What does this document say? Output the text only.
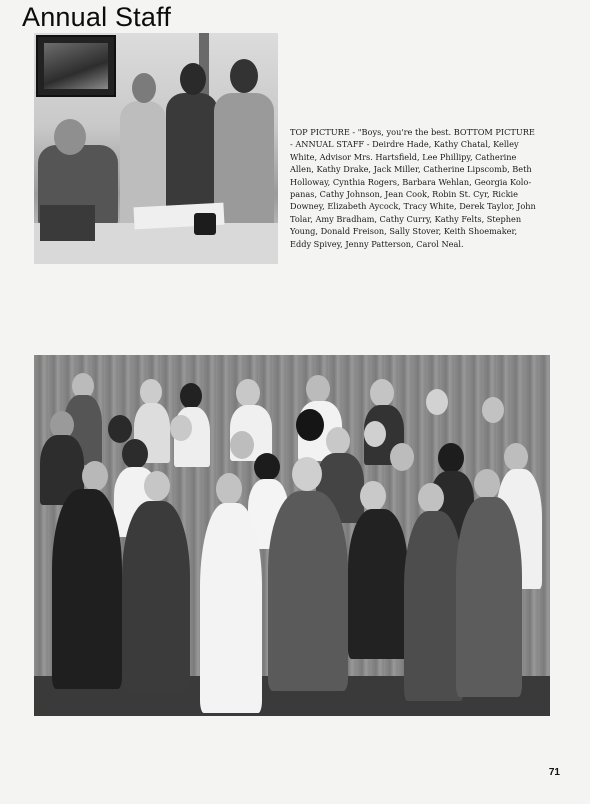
Annual Staff

TOP PICTURE - "Boys, you're the best. BOTTOM PICTURE - ANNUAL STAFF - Deirdre Hade, Kathy Chatal, Kelley White, Advisor Mrs. Hartsfield, Lee Phillipy, Catherine Allen, Kathy Drake, Jack Miller, Catherine Lipscomb, Beth Holloway, Cynthia Rogers, Barbara Wehlan, Georgia Kolo-panas, Cathy Johnson, Jean Cook, Robin St. Cyr, Rickie Downey, Elizabeth Aycock, Tracy White, Derek Taylor, John Tolar, Amy Bradham, Cathy Curry, Kathy Felts, Stephen Young, Donald Freison, Sally Stover, Keith Shoemaker, Eddy Spivey, Jenny Patterson, Carol Neal.

71
